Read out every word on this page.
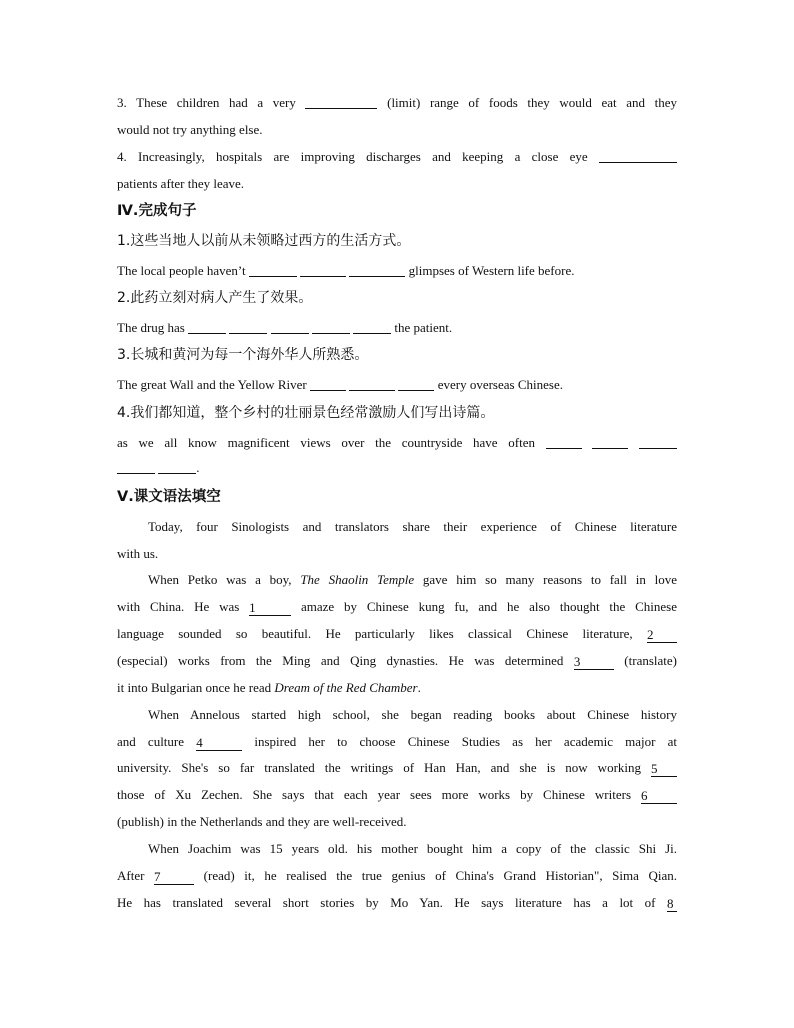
3. These children had a very	(limit) range of foods they would eat and they
would not try anything else.
4. Increasingly, hospitals are improving discharges and keeping a close eye
patients after they leave.
Ⅳ.完成句子
1.这些当地人以前从未领略过西方的生活方式。
The local people haven’t	glimpses of Western life before.
2.此药立刻对病人产生了效果。
The drug has	the patient.
3.长城和黄河为每一个海外华人所熟悉。
The great Wall and the Yellow River	every overseas Chinese.
4.我们都知道，整个乡村的壮丽景色经常激励人们写出诗篇。
as we all know magnificent views over the countryside have often
.
Ⅴ.课文语法填空
Today, four Sinologists and translators share their experience of Chinese literature
with us.
When Petko was a boy, The Shaolin Temple gave him so many reasons to fall in love
with China. He was 1	amaze by Chinese kung fu, and he also thought the Chinese
language sounded so beautiful. He particularly likes classical Chinese literature, 2
(especial) works from the Ming and Qing dynasties. He was determined 3	(translate)
it into Bulgarian once he read Dream of the Red Chamber.
When Annelous started high school, she began reading books about Chinese history
and culture 4	inspired her to choose Chinese Studies as her academic major at
university. She's so far translated the writings of Han Han, and she is now working 5
those of Xu Zechen. She says that each year sees more works by Chinese writers 6
(publish) in the Netherlands and they are well-received.
When Joachim was 15 years old. his mother bought him a copy of the classic Shi Ji.
After 7	(read) it, he realised the true genius of China's Grand Historian", Sima Qian.
He has translated several short stories by Mo Yan. He says literature has a lot of 8
